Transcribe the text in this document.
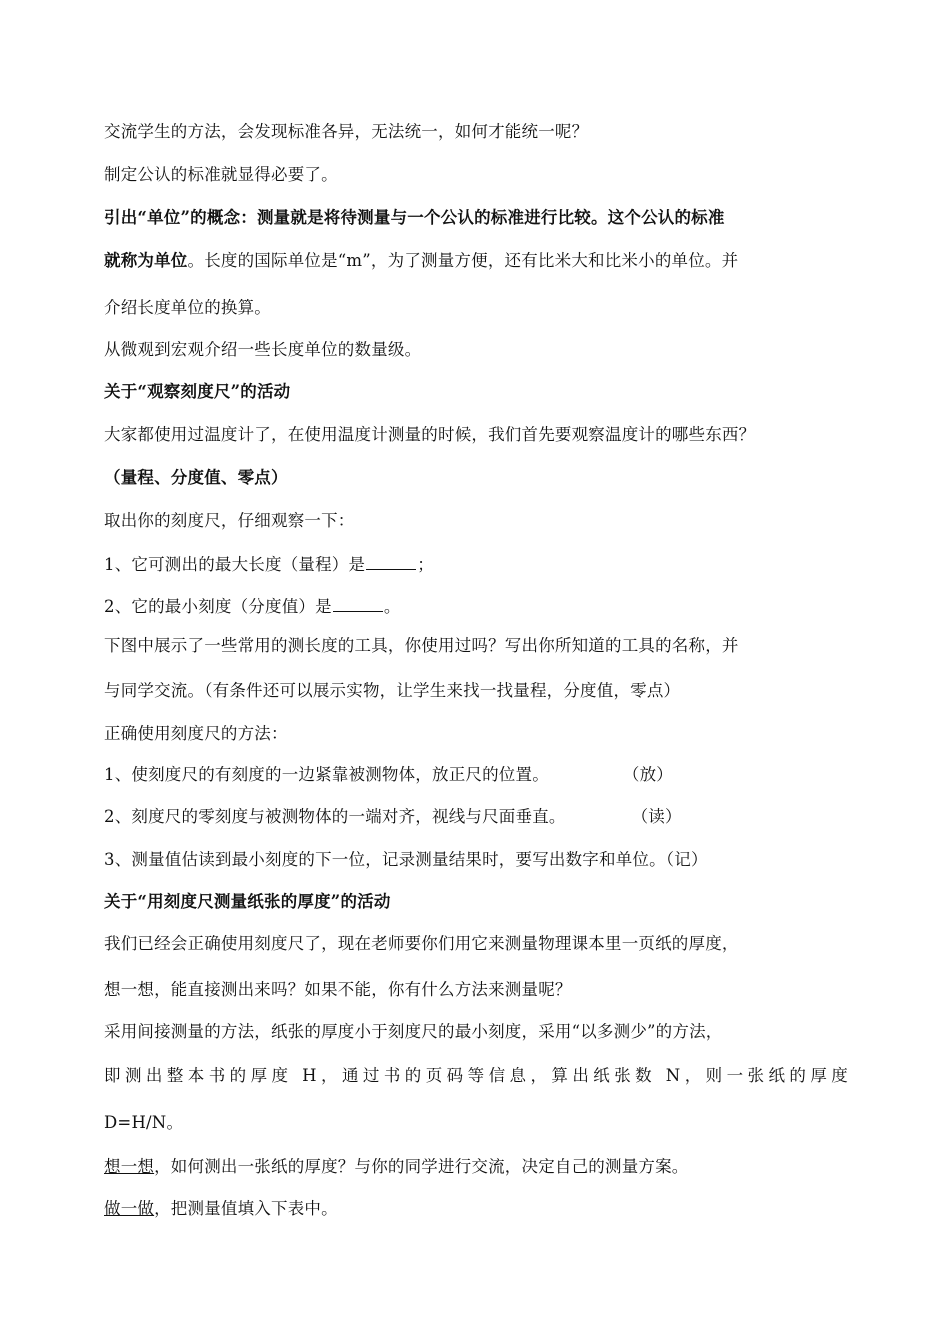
交流学生的方法，会发现标准各异，无法统一，如何才能统一呢？
制定公认的标准就显得必要了。
引出“单位”的概念：测量就是将待测量与一个公认的标准进行比较。这个公认的标准
就称为单位。长度的国际单位是“m”，为了测量方便，还有比米大和比米小的单位。并
介绍长度单位的换算。
从微观到宏观介绍一些长度单位的数量级。
关于“观察刻度尺”的活动
大家都使用过温度计了，在使用温度计测量的时候，我们首先要观察温度计的哪些东西？
（量程、分度值、零点）
取出你的刻度尺，仔细观察一下：
1、它可测出的最大长度（量程）是	；
2、它的最小刻度（分度值）是	。
下图中展示了一些常用的测长度的工具，你使用过吗？写出你所知道的工具的名称，并
与同学交流。（有条件还可以展示实物，让学生来找一找量程，分度值，零点）
正确使用刻度尺的方法：
1、使刻度尺的有刻度的一边紧靠被测物体，放正尺的位置。	（放）
2、刻度尺的零刻度与被测物体的一端对齐，视线与尺面垂直。	（读）
3、测量值估读到最小刻度的下一位，记录测量结果时，要写出数字和单位。（记）
关于“用刻度尺测量纸张的厚度”的活动
我们已经会正确使用刻度尺了，现在老师要你们用它来测量物理课本里一页纸的厚度，
想一想，能直接测出来吗？如果不能，你有什么方法来测量呢？
采用间接测量的方法，纸张的厚度小于刻度尺的最小刻度，采用“以多测少”的方法，
即测出整本书的厚度 H，通过书的页码等信息，算出纸张数 N，则一张纸的厚度
D=H/N。
想一想，如何测出一张纸的厚度？与你的同学进行交流，决定自己的测量方案。
做一做，把测量值填入下表中。
